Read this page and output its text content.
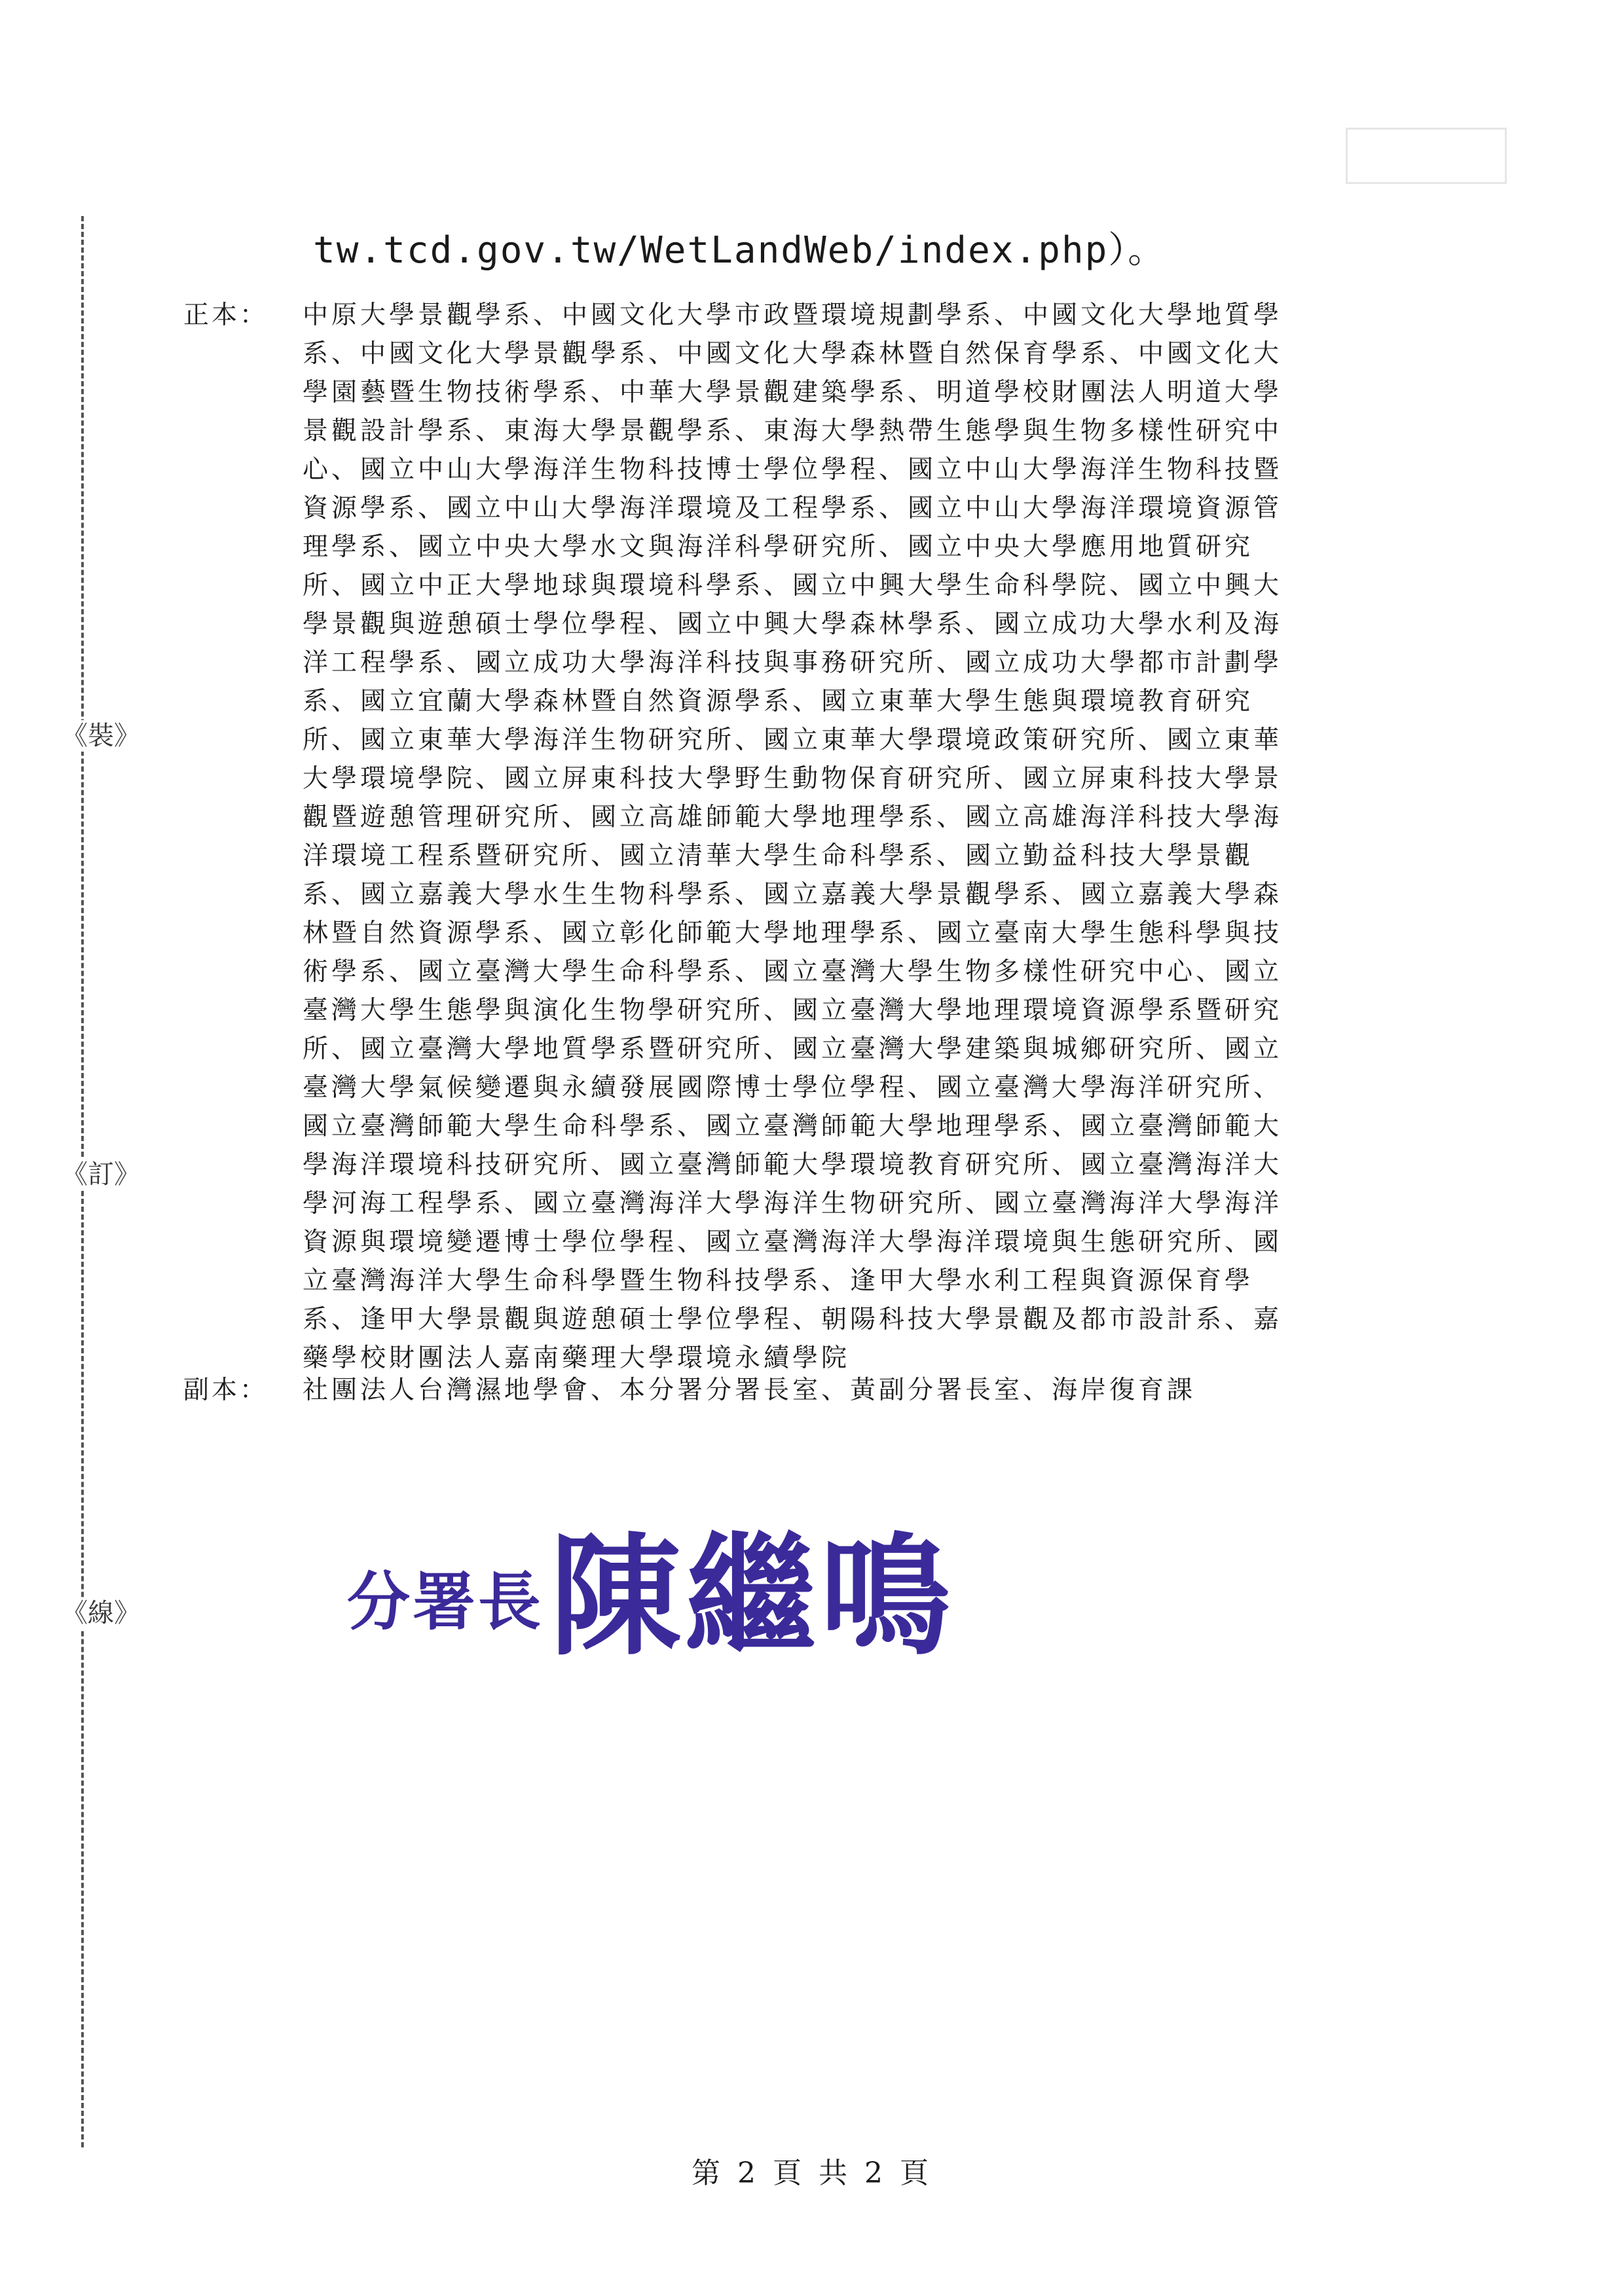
《裝》
《訂》
《線》
tw.tcd.gov.tw/WetLandWeb/index.php）。
正本： 中原大學景觀學系、中國文化大學市政暨環境規劃學系、中國文化大學地質學
系、中國文化大學景觀學系、中國文化大學森林暨自然保育學系、中國文化大
學園藝暨生物技術學系、中華大學景觀建築學系、明道學校財團法人明道大學
景觀設計學系、東海大學景觀學系、東海大學熱帶生態學與生物多樣性研究中
心、國立中山大學海洋生物科技博士學位學程、國立中山大學海洋生物科技暨
資源學系、國立中山大學海洋環境及工程學系、國立中山大學海洋環境資源管
理學系、國立中央大學水文與海洋科學研究所、國立中央大學應用地質研究
所、國立中正大學地球與環境科學系、國立中興大學生命科學院、國立中興大
學景觀與遊憩碩士學位學程、國立中興大學森林學系、國立成功大學水利及海
洋工程學系、國立成功大學海洋科技與事務研究所、國立成功大學都市計劃學
系、國立宜蘭大學森林暨自然資源學系、國立東華大學生態與環境教育研究
所、國立東華大學海洋生物研究所、國立東華大學環境政策研究所、國立東華
大學環境學院、國立屏東科技大學野生動物保育研究所、國立屏東科技大學景
觀暨遊憩管理研究所、國立高雄師範大學地理學系、國立高雄海洋科技大學海
洋環境工程系暨研究所、國立清華大學生命科學系、國立勤益科技大學景觀
系、國立嘉義大學水生生物科學系、國立嘉義大學景觀學系、國立嘉義大學森
林暨自然資源學系、國立彰化師範大學地理學系、國立臺南大學生態科學與技
術學系、國立臺灣大學生命科學系、國立臺灣大學生物多樣性研究中心、國立
臺灣大學生態學與演化生物學研究所、國立臺灣大學地理環境資源學系暨研究
所、國立臺灣大學地質學系暨研究所、國立臺灣大學建築與城鄉研究所、國立
臺灣大學氣候變遷與永續發展國際博士學位學程、國立臺灣大學海洋研究所、
國立臺灣師範大學生命科學系、國立臺灣師範大學地理學系、國立臺灣師範大
學海洋環境科技研究所、國立臺灣師範大學環境教育研究所、國立臺灣海洋大
學河海工程學系、國立臺灣海洋大學海洋生物研究所、國立臺灣海洋大學海洋
資源與環境變遷博士學位學程、國立臺灣海洋大學海洋環境與生態研究所、國
立臺灣海洋大學生命科學暨生物科技學系、逢甲大學水利工程與資源保育學
系、逢甲大學景觀與遊憩碩士學位學程、朝陽科技大學景觀及都市設計系、嘉
藥學校財團法人嘉南藥理大學環境永續學院
副本： 社團法人台灣濕地學會、本分署分署長室、黃副分署長室、海岸復育課
分署長 陳繼鳴
第 2 頁 共 2 頁
